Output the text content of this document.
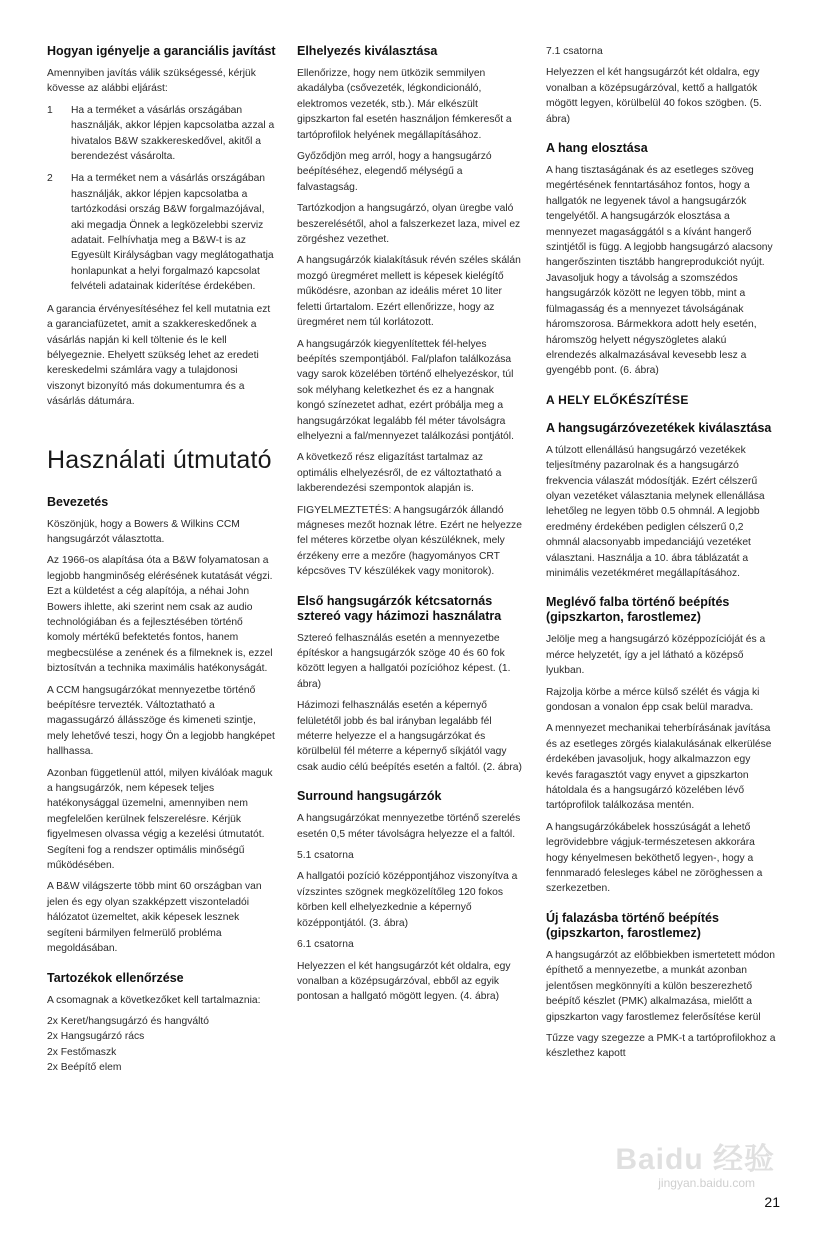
Hogyan igényelje a garanciális javítást

Amennyiben javítás válik szükségessé, kérjük kövesse az alábbi eljárást:

1	Ha a terméket a vásárlás országában használják, akkor lépjen kapcsolatba azzal a hivatalos B&W szakkereskedővel, akitől a berendezést vásárolta.
2	Ha a terméket nem a vásárlás országában használják, akkor lépjen kapcsolatba a tartózkodási ország B&W forgalmazójával, aki megadja Önnek a legközelebbi szerviz adatait. Felhívhatja meg a B&W-t is az Egyesült Királyságban vagy meglátogathatja honlapunkat a helyi forgalmazó kapcsolat felvételi adatainak kiderítése érdekében.

A garancia érvényesítéséhez fel kell mutatnia ezt a garanciafüzetet, amit a szakkereskedőnek a vásárlás napján ki kell töltenie és le kell bélyegeznie. Ehelyett szükség lehet az eredeti kereskedelmi számlára vagy a tulajdonosi viszonyt bizonyító más dokumentumra és a vásárlás dátumára.

Használati útmutató
Bevezetés

Köszönjük, hogy a Bowers & Wilkins CCM hangsugárzót választotta.

Az 1966-os alapítása óta a B&W folyamatosan a legjobb hangminőség elérésének kutatását végzi. Ezt a küldetést a cég alapítója, a néhai John Bowers ihlette, aki szerint nem csak az audio technológiában és a fejlesztésében történő komoly mértékű befektetés fontos, hanem megbecsülése a zenének és a filmeknek is, ezzel biztosítván a technika maximális hatékonyságát.

A CCM hangsugárzókat mennyezetbe történő beépítésre tervezték. Változtatható a magassugárzó állásszöge és kimeneti szintje, mely lehetővé teszi, hogy Ön a legjobb hangképet hallhassa.

Azonban függetlenül attól, milyen kiválóak maguk a hangsugárzók, nem képesek teljes hatékonysággal üzemelni, amennyiben nem megfelelően kerülnek felszerelésre. Kérjük figyelmesen olvassa végig a kezelési útmutatót. Segíteni fog a rendszer optimális minőségű működésében.

A B&W világszerte több mint 60 országban van jelen és egy olyan szakképzett viszonteladói hálózatot üzemeltet, akik képesek lesznek segíteni bármilyen felmerülő probléma megoldásában.

Tartozékok ellenőrzése

A csomagnak a következőket kell tartalmaznia:

2x Keret/hangsugárzó és hangváltó

2x Hangsugárzó rács

2x Festőmaszk

2x Beépítő elem

Elhelyezés kiválasztása

Ellenőrizze, hogy nem ütközik semmilyen akadályba (csővezeték, légkondicionáló, elektromos vezeték, stb.). Már elkészült gipszkarton fal esetén használjon fémkeresőt a tartóprofilok helyének megállapításához.

Győződjön meg arról, hogy a hangsugárzó beépítéséhez, elegendő mélységű a falvastagság.

Tartózkodjon a hangsugárzó, olyan üregbe való beszerelésétől, ahol a falszerkezet laza, mivel ez zörgéshez vezethet.

A hangsugárzók kialakításuk révén széles skálán mozgó üregméret mellett is képesek kielégítő működésre, azonban az ideális méret 10 liter feletti űrtartalom. Ezért ellenőrizze, hogy az üregméret nem túl korlátozott.

A hangsugárzók kiegyenlítettek fél-helyes beépítés szempontjából. Fal/plafon találkozása vagy sarok közelében történő elhelyezéskor, túl sok mélyhang keletkezhet és ez a hangnak kongó színezetet adhat, ezért próbálja meg a hangsugárzókat legalább fél méter távolságra elhelyezni a fal/mennyezet találkozási pontjától.

A következő rész eligazítást tartalmaz az optimális elhelyezésről, de ez változtatható a lakberendezési szempontok alapján is.

FIGYELMEZTETÉS: A hangsugárzók állandó mágneses mezőt hoznak létre. Ezért ne helyezze fel méteres körzetbe olyan készüléknek, mely érzékeny erre a mezőre (hagyományos CRT képcsöves TV készülékek vagy monitorok).

Első hangsugárzók kétcsatornás sztereó vagy házimozi használatra

Sztereó felhasználás esetén a mennyezetbe építéskor a hangsugárzók szöge 40 és 60 fok között legyen a hallgatói pozícióhoz képest. (1. ábra)

Házimozi felhasználás esetén a képernyő felületétől jobb és bal irányban legalább fél méterre helyezze el a hangsugárzókat és körülbelül fél méterre a képernyő síkjától vagy csak audio célú beépítés esetén a faltól. (2. ábra)

Surround hangsugárzók

A hangsugárzókat mennyezetbe történő szerelés esetén 0,5 méter távolságra helyezze el a faltól.

5.1 csatorna

A hallgatói pozíció középpontjához viszonyítva a vízszintes szögnek megközelítőleg 120 fokos körben kell elhelyezkednie a képernyő középpontjától. (3. ábra)

6.1 csatorna

Helyezzen el két hangsugárzót két oldalra, egy vonalban a középsugárzóval, ebből az egyik pontosan a hallgató mögött legyen. (4. ábra)

7.1 csatorna

Helyezzen el két hangsugárzót két oldalra, egy vonalban a középsugárzóval, kettő a hallgatók mögött legyen, körülbelül 40 fokos szögben. (5. ábra)

A hang elosztása

A hang tisztaságának és az esetleges szöveg megértésének fenntartásához fontos, hogy a hallgatók ne legyenek távol a hangsugárzók tengelyétől. A hangsugárzók elosztása a mennyezet magasággától s a kívánt hangerő szintjétől is függ. A legjobb hangsugárzó alacsony hangerőszinten tisztább hangreprodukciót nyújt. Javasoljuk hogy a távolság a szomszédos hangsugárzók között ne legyen több, mint a fülmagasság és a mennyezet távolságának háromszorosa. Bármekkora adott hely esetén, háromszög helyett négyszögletes alakú elrendezés alkalmazásával kevesebb lesz a gyengébb pont. (6. ábra)

A HELY ELŐKÉSZÍTÉSE
A hangsugárzóvezetékek kiválasztása

A túlzott ellenállású hangsugárzó vezetékek teljesítmény pazarolnak és a hangsugárzó frekvencia válaszát módosítják. Ezért célszerű olyan vezetéket választania melynek ellenállása lehetőleg ne legyen több 0.5 ohmnál. A legjobb eredmény érdekében pediglen célszerű 0,2 ohmnál alacsonyabb impedanciájú vezetéket választani. Használja a 10. ábra táblázatát a minimális vezetékméret megállapításához.

Meglévő falba történő beépítés (gipszkarton, farostlemez)

Jelölje meg a hangsugárzó középpozícióját és a mérce helyzetét, így a jel látható a középső lyukban.

Rajzolja körbe a mérce külső szélét és vágja ki gondosan a vonalon épp csak belül maradva.

A mennyezet mechanikai teherbírásának javítása és az esetleges zörgés kialakulásának elkerülése érdekében javasoljuk, hogy alkalmazzon egy kevés faragasztót vagy enyvet a gipszkarton hátoldala és a hangsugárzó közelében lévő tartóprofilok találkozása mentén.

A hangsugárzókábelek hosszúságát a lehető legrövidebbre vágjuk-természetesen akkorára hogy kényelmesen beköthető legyen-, hogy a fennmaradó felesleges kábel ne zöröghessen a szerkezetben.

Új falazásba történő beépítés (gipszkarton, farostlemez)

A hangsugárzót az előbbiekben ismertetett módon építhető a mennyezetbe, a munkát azonban jelentősen megkönnyíti a külön beszerezhető beépítő készlet (PMK) alkalmazása, mielőtt a gipszkarton vagy farostlemez felerősítése kerül

Tűzze vagy szegezze a PMK-t a tartóprofilokhoz a készlethez kapott

Baidu 经验
jingyan.baidu.com
21
